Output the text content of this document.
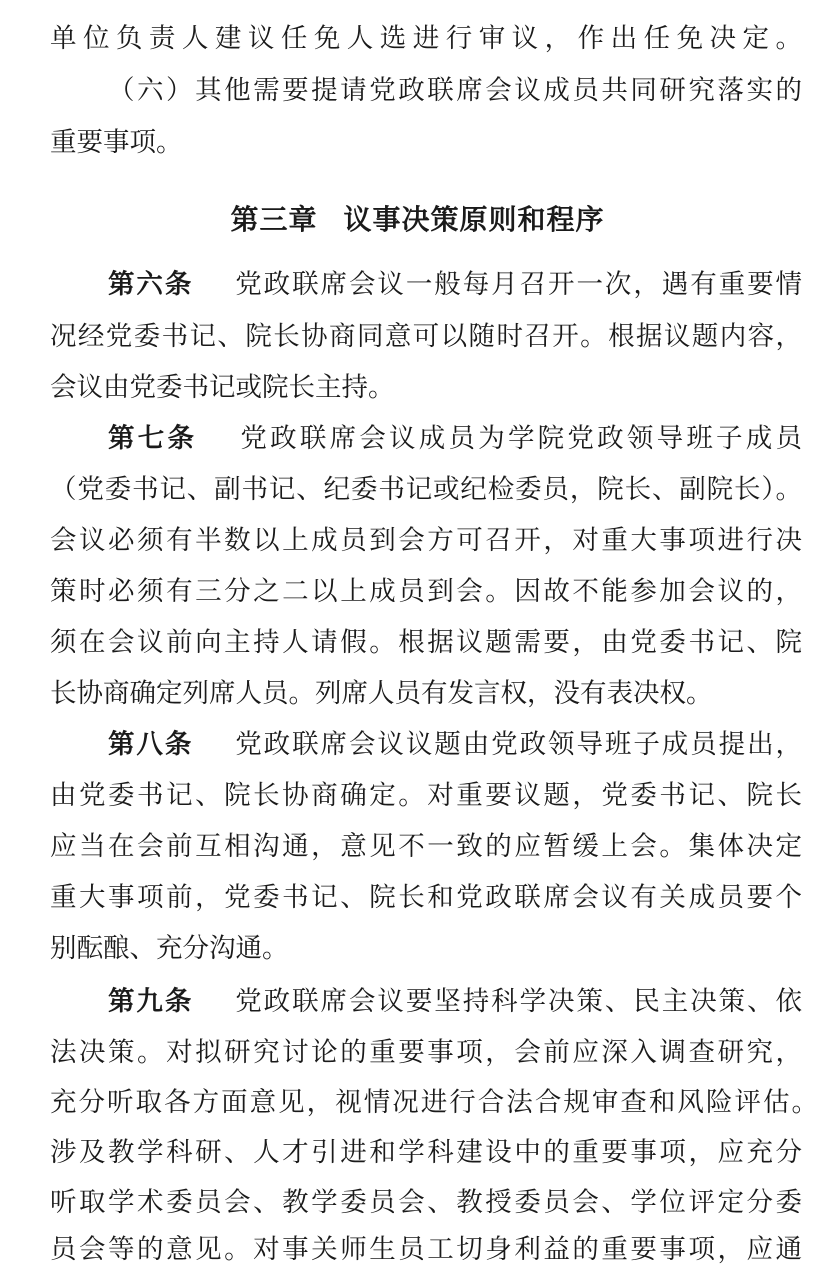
单位负责人建议任免人选进行审议，作出任免决定。
（六）其他需要提请党政联席会议成员共同研究落实的
重要事项。
第三章 议事决策原则和程序
第六条 党政联席会议一般每月召开一次，遇有重要情
况经党委书记、院长协商同意可以随时召开。根据议题内容，
会议由党委书记或院长主持。
第七条 党政联席会议成员为学院党政领导班子成员
（党委书记、副书记、纪委书记或纪检委员，院长、副院长）。
会议必须有半数以上成员到会方可召开，对重大事项进行决
策时必须有三分之二以上成员到会。因故不能参加会议的，
须在会议前向主持人请假。根据议题需要，由党委书记、院
长协商确定列席人员。列席人员有发言权，没有表决权。
第八条 党政联席会议议题由党政领导班子成员提出，
由党委书记、院长协商确定。对重要议题，党委书记、院长
应当在会前互相沟通，意见不一致的应暂缓上会。集体决定
重大事项前，党委书记、院长和党政联席会议有关成员要个
别酝酿、充分沟通。
第九条 党政联席会议要坚持科学决策、民主决策、依
法决策。对拟研究讨论的重要事项，会前应深入调查研究，
充分听取各方面意见，视情况进行合法合规审查和风险评估。
涉及教学科研、人才引进和学科建设中的重要事项，应充分
听取学术委员会、教学委员会、教授委员会、学位评定分委
员会等的意见。对事关师生员工切身利益的重要事项，应通
